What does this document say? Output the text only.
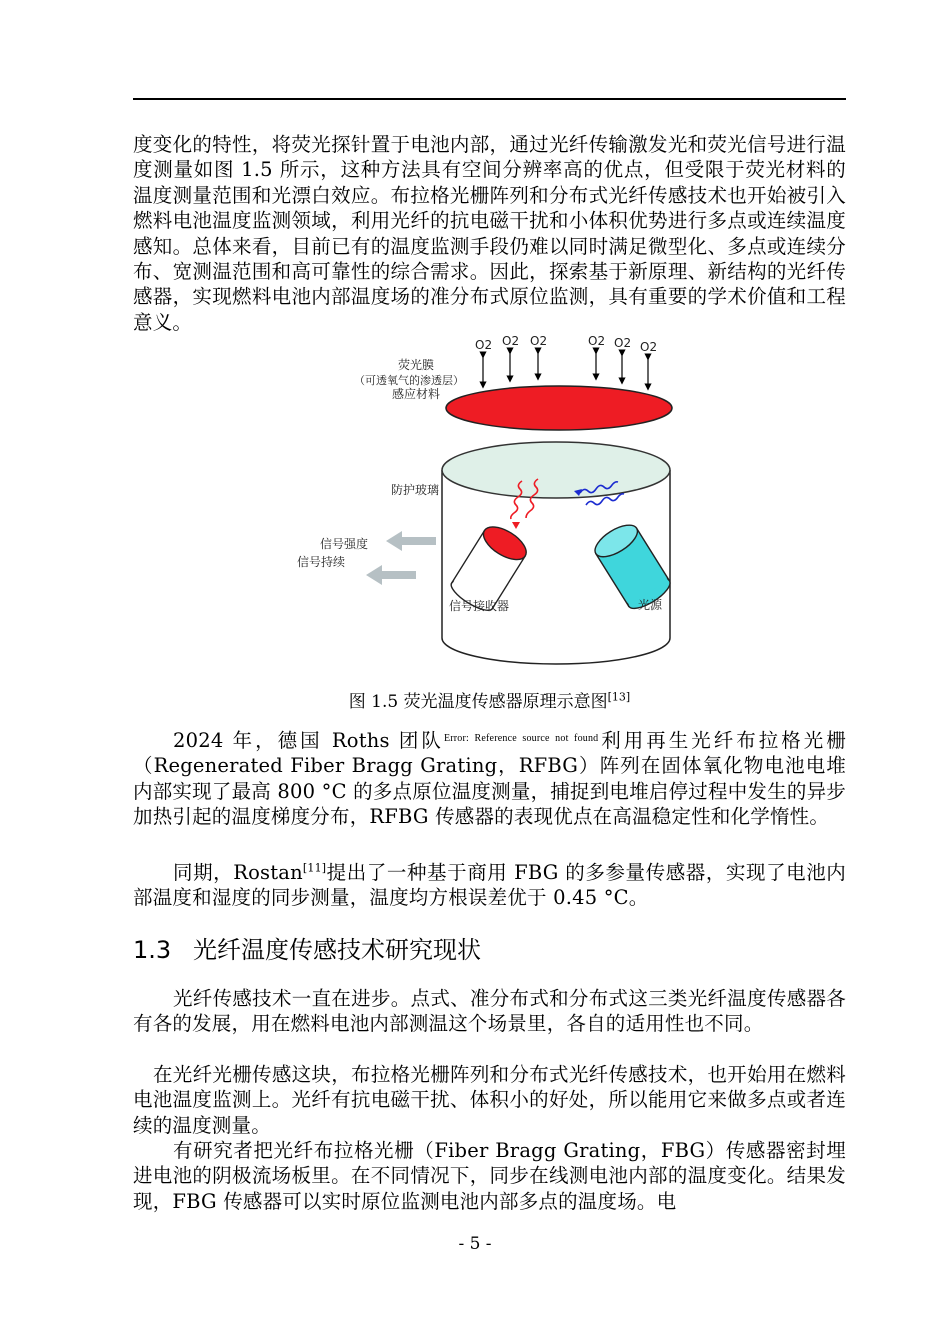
度变化的特性，将荧光探针置于电池内部，通过光纤传输激发光和荧光信号进行温度测量如图 1.5 所示，这种方法具有空间分辨率高的优点，但受限于荧光材料的温度测量范围和光漂白效应。布拉格光栅阵列和分布式光纤传感技术也开始被引入燃料电池温度监测领域，利用光纤的抗电磁干扰和小体积优势进行多点或连续温度感知。总体来看，目前已有的温度监测手段仍难以同时满足微型化、多点或连续分布、宽测温范围和高可靠性的综合需求。因此，探索基于新原理、新结构的光纤传感器，实现燃料电池内部温度场的准分布式原位监测，具有重要的学术价值和工程意义。

O2 O2 O2	O2 O2 O2
荧光膜
（可透氧气的渗透层）
感应材料
防护玻璃
信号强度
信号持续
信号接收器	光源
图 1.5 荧光温度传感器原理示意图[13]

2024 年，德国 Roths 团队$^{Error: Reference source not found}$利用再生光纤布拉格光栅（Regenerated Fiber Bragg Grating，RFBG）阵列在固体氧化物电池电堆内部实现了最高 800 °C 的多点原位温度测量，捕捉到电堆启停过程中发生的异步加热引起的温度梯度分布，RFBG 传感器的表现优点在高温稳定性和化学惰性。

同期，Rostan[11]提出了一种基于商用 FBG 的多参量传感器，实现了电池内部温度和湿度的同步测量，温度均方根误差优于 0.45 °C。

1.3 光纤温度传感技术研究现状

光纤传感技术一直在进步。点式、准分布式和分布式这三类光纤温度传感器各有各的发展，用在燃料电池内部测温这个场景里，各自的适用性也不同。

在光纤光栅传感这块，布拉格光栅阵列和分布式光纤传感技术，也开始用在燃料电池温度监测上。光纤有抗电磁干扰、体积小的好处，所以能用它来做多点或者连续的温度测量。

有研究者把光纤布拉格光栅（Fiber Bragg Grating，FBG）传感器密封埋进电池的阴极流场板里。在不同情况下，同步在线测电池内部的温度变化。结果发现，FBG 传感器可以实时原位监测电池内部多点的温度场。电

- 5 -
